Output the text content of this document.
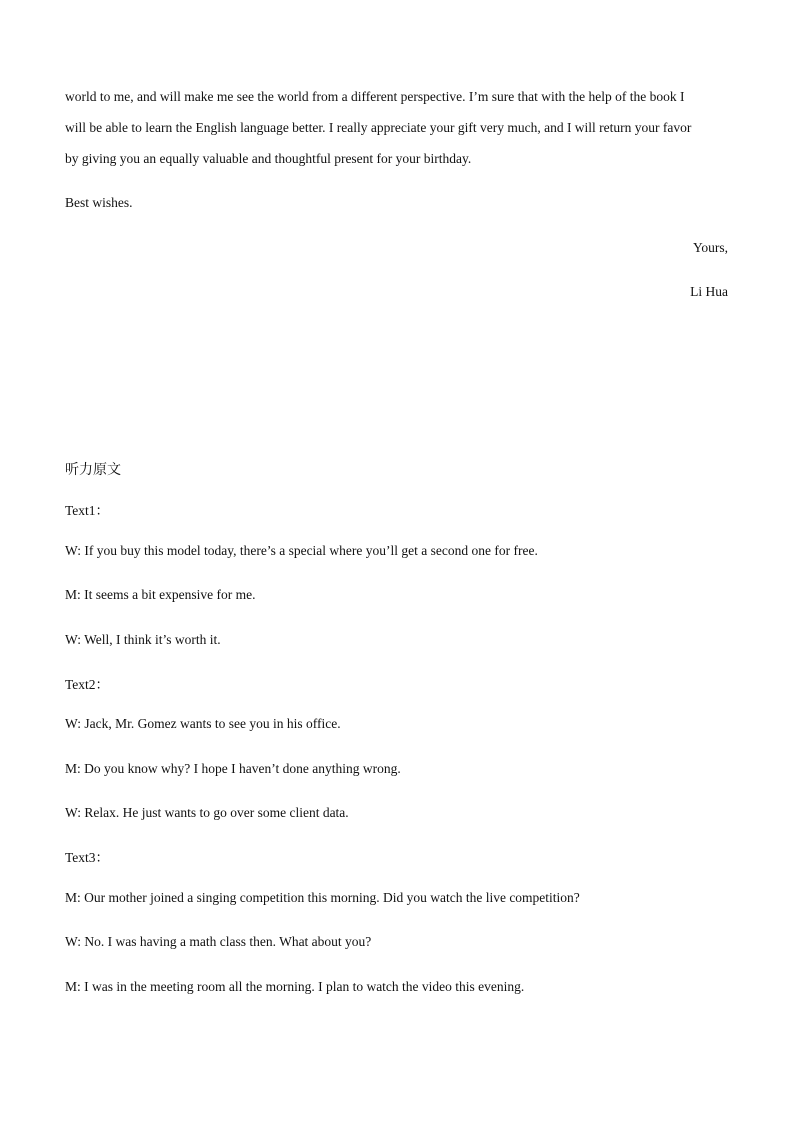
world to me, and will make me see the world from a different perspective. I’m sure that with the help of the book I

will be able to learn the English language better. I really appreciate your gift very much, and I will return your favor

by giving you an equally valuable and thoughtful present for your birthday.

Best wishes.

Yours,

Li Hua

听力原文

Text1：

W: If you buy this model today, there’s a special where you’ll get a second one for free.

M: It seems a bit expensive for me.

W: Well, I think it’s worth it.

Text2：

W: Jack, Mr. Gomez wants to see you in his office.

M: Do you know why? I hope I haven’t done anything wrong.

W: Relax. He just wants to go over some client data.

Text3：

M: Our mother joined a singing competition this morning. Did you watch the live competition?

W: No. I was having a math class then. What about you?

M: I was in the meeting room all the morning. I plan to watch the video this evening.
